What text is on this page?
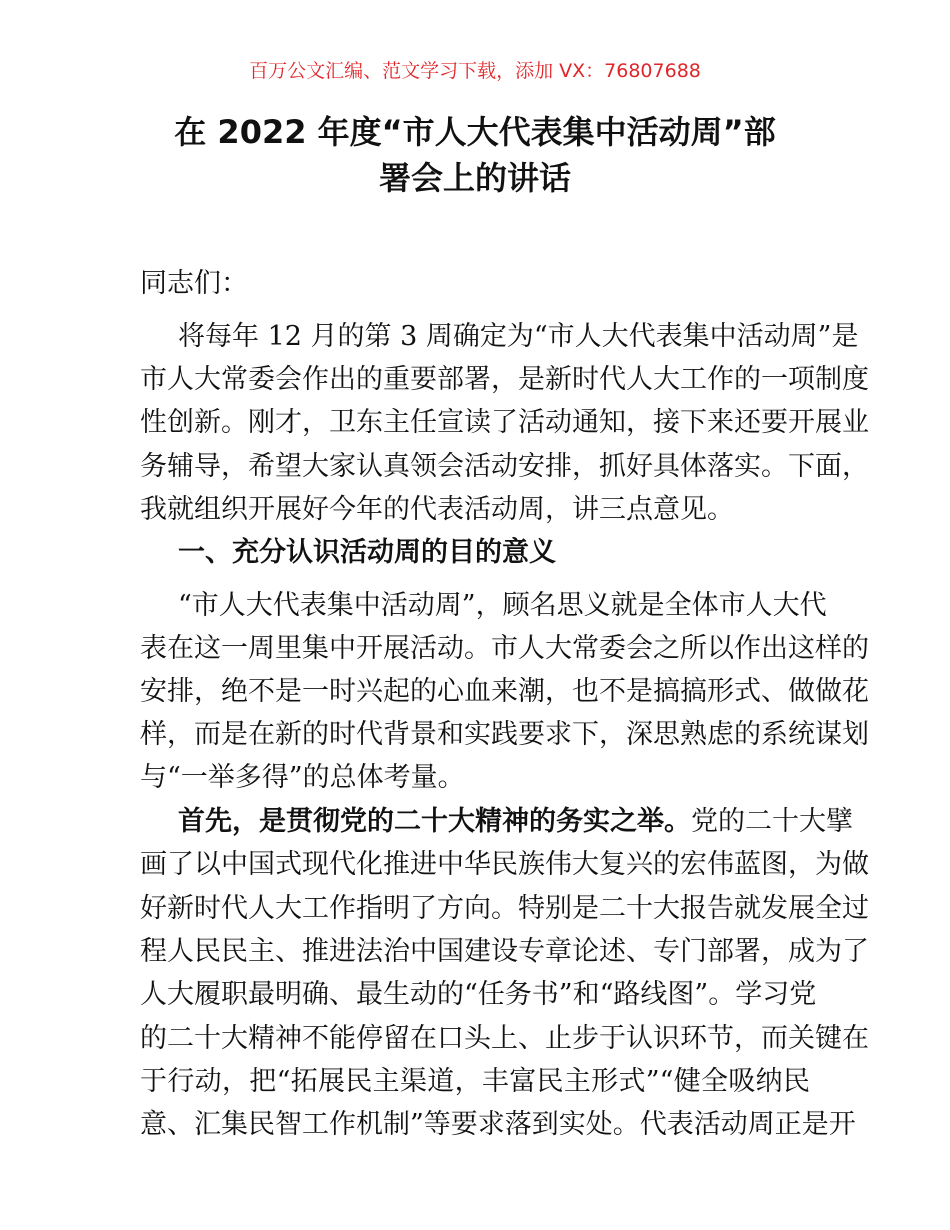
百万公文汇编、范文学习下载，添加 VX：76807688
在 2022 年度“市人大代表集中活动周”部
署会上的讲话
同志们：
将每年 12 月的第 3 周确定为“市人大代表集中活动周”是
市人大常委会作出的重要部署，是新时代人大工作的一项制度
性创新。刚才，卫东主任宣读了活动通知，接下来还要开展业
务辅导，希望大家认真领会活动安排，抓好具体落实。下面，
我就组织开展好今年的代表活动周，讲三点意见。
一、充分认识活动周的目的意义
“市人大代表集中活动周”，顾名思义就是全体市人大代
表在这一周里集中开展活动。市人大常委会之所以作出这样的
安排，绝不是一时兴起的心血来潮，也不是搞搞形式、做做花
样，而是在新的时代背景和实践要求下，深思熟虑的系统谋划
与“一举多得”的总体考量。
首先，是贯彻党的二十大精神的务实之举。党的二十大擘
画了以中国式现代化推进中华民族伟大复兴的宏伟蓝图，为做
好新时代人大工作指明了方向。特别是二十大报告就发展全过
程人民民主、推进法治中国建设专章论述、专门部署，成为了
人大履职最明确、最生动的“任务书”和“路线图”。学习党
的二十大精神不能停留在口头上、止步于认识环节，而关键在
于行动，把“拓展民主渠道，丰富民主形式”“健全吸纳民
意、汇集民智工作机制”等要求落到实处。代表活动周正是开
